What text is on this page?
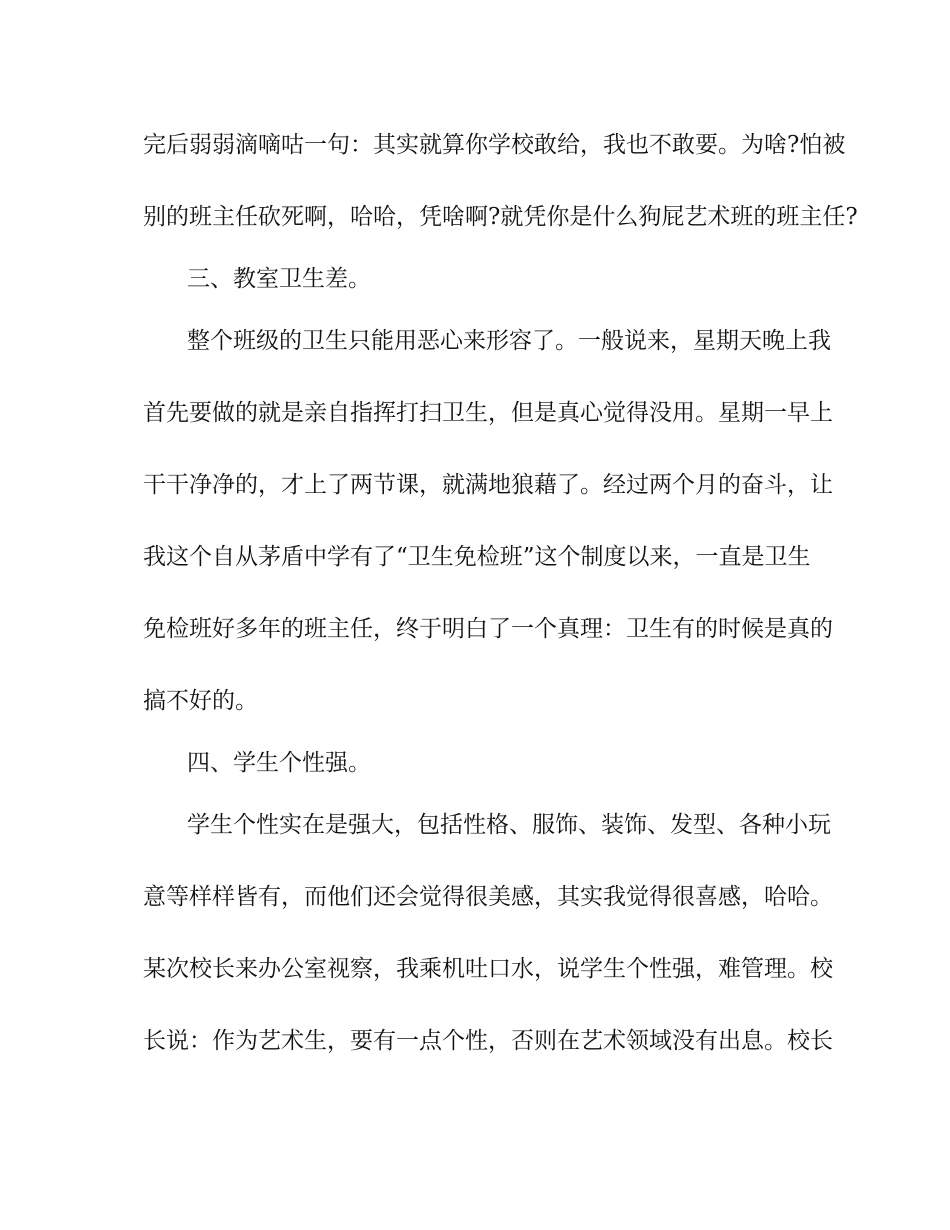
完后弱弱滴嘀咕一句：其实就算你学校敢给，我也不敢要。为啥?怕被
别的班主任砍死啊，哈哈，凭啥啊?就凭你是什么狗屁艺术班的班主任?
三、教室卫生差。
整个班级的卫生只能用恶心来形容了。一般说来，星期天晚上我
首先要做的就是亲自指挥打扫卫生，但是真心觉得没用。星期一早上
干干净净的，才上了两节课，就满地狼藉了。经过两个月的奋斗，让
我这个自从茅盾中学有了“卫生免检班”这个制度以来，一直是卫生
免检班好多年的班主任，终于明白了一个真理：卫生有的时候是真的
搞不好的。
四、学生个性强。
学生个性实在是强大，包括性格、服饰、装饰、发型、各种小玩
意等样样皆有，而他们还会觉得很美感，其实我觉得很喜感，哈哈。
某次校长来办公室视察，我乘机吐口水，说学生个性强，难管理。校
长说：作为艺术生，要有一点个性，否则在艺术领域没有出息。校长
